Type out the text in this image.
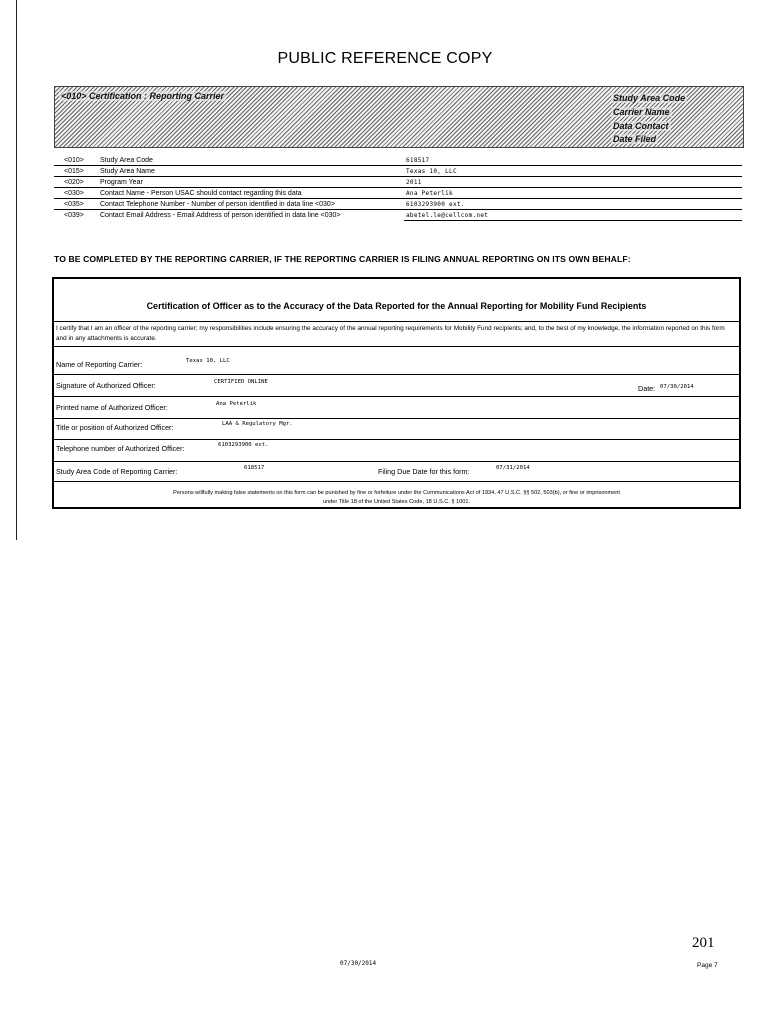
PUBLIC REFERENCE COPY
<010> Certification : Reporting Carrier	Study Area Code
Carrier Name
Data Contact
Date Filed
<010> Study Area Code	618517
<015> Study Area Name	Texas 10, LLC
<020> Program Year	2011
<030> Contact Name - Person USAC should contact regarding this data	Ana Peterlik
<035> Contact Telephone Number - Number of person identified in data line <030>	6103293900 ext.
<039> Contact Email Address - Email Address of person identified in data line <030>	abetel.le@cellcom.net
TO BE COMPLETED BY THE REPORTING CARRIER, IF THE REPORTING CARRIER IS FILING ANNUAL REPORTING ON ITS OWN BEHALF:
Certification of Officer as to the Accuracy of the Data Reported for the Annual Reporting for Mobility Fund Recipients
I certify that I am an officer of the reporting carrier; my responsibilities include ensuring the accuracy of the annual reporting requirements for Mobility Fund recipients; and, to the best of my knowledge, the information reported on this form and in any attachments is accurate.
Name of Reporting Carrier:	Texas 10, LLC
Signature of Authorized Officer:	CERTIFIED ONLINE
Date: 07/30/2014
Printed name of Authorized Officer:	Ana Peterlik
Title or position of Authorized Officer:	LAA & Regulatory Mgr.
Telephone number of Authorized Officer:	6103293900 ext.
Study Area Code of Reporting Carrier:	618517	Filing Due Date for this form:	07/31/2014
Persons willfully making false statements on this form can be punished by fine or forfeiture under the Communications Act of 1934, 47 U.S.C. §§ 502, 503(b), or fine or imprisonment
under Title 18 of the United States Code, 18 U.S.C. § 1001.
201
07/30/2014	Page 7
